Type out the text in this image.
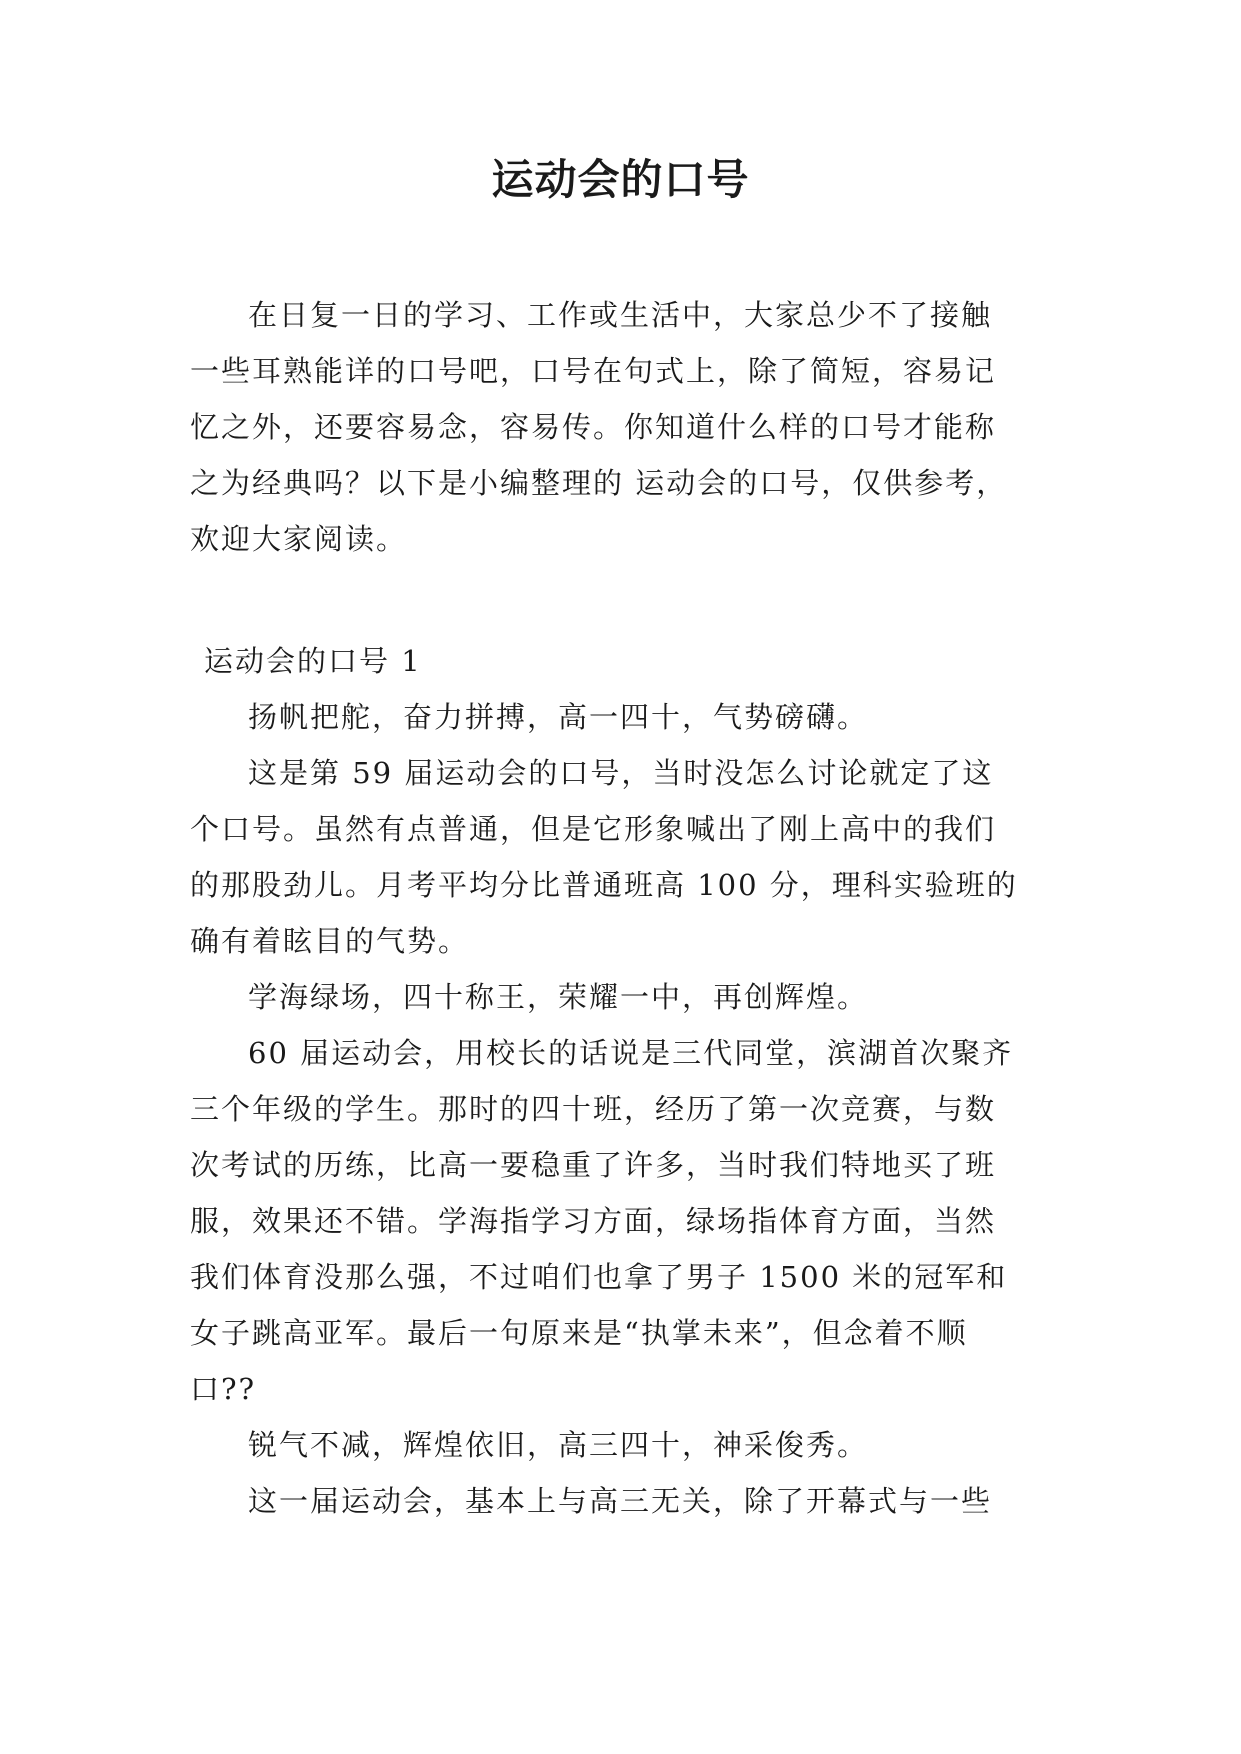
运动会的口号

在日复一日的学习、工作或生活中，大家总少不了接触
一些耳熟能详的口号吧，口号在句式上，除了简短，容易记
忆之外，还要容易念，容易传。你知道什么样的口号才能称
之为经典吗？以下是小编整理的 运动会的口号，仅供参考，
欢迎大家阅读。

运动会的口号 1

扬帆把舵，奋力拼搏，高一四十，气势磅礴。

这是第 59 届运动会的口号，当时没怎么讨论就定了这
个口号。虽然有点普通，但是它形象喊出了刚上高中的我们
的那股劲儿。月考平均分比普通班高 100 分，理科实验班的
确有着眩目的气势。

学海绿场，四十称王，荣耀一中，再创辉煌。

60 届运动会，用校长的话说是三代同堂，滨湖首次聚齐
三个年级的学生。那时的四十班，经历了第一次竞赛，与数
次考试的历练，比高一要稳重了许多，当时我们特地买了班
服，效果还不错。学海指学习方面，绿场指体育方面，当然
我们体育没那么强，不过咱们也拿了男子 1500 米的冠军和
女子跳高亚军。最后一句原来是“执掌未来”，但念着不顺
口??

锐气不减，辉煌依旧，高三四十，神采俊秀。

这一届运动会，基本上与高三无关，除了开幕式与一些
